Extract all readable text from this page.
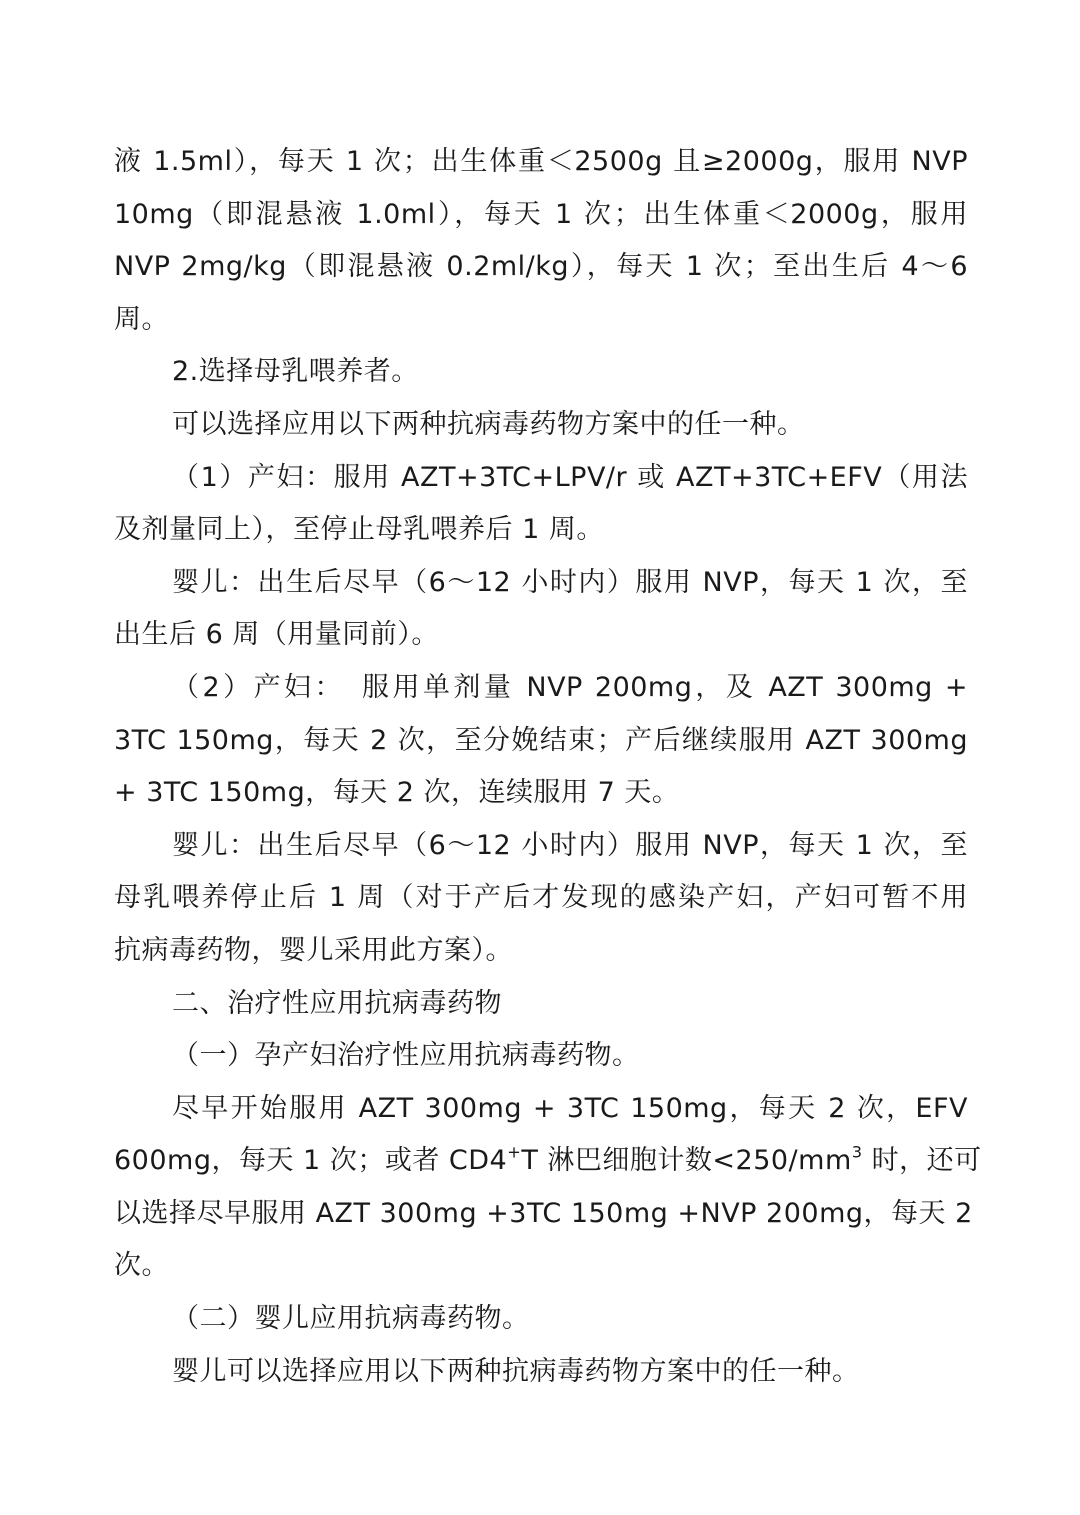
液 1.5ml），每天 1 次；出生体重＜2500g 且≥2000g，服用 NVP
10mg（即混悬液 1.0ml），每天 1 次；出生体重＜2000g，服用
NVP 2mg/kg（即混悬液 0.2ml/kg），每天 1 次；至出生后 4～6
周。
2.选择母乳喂养者。
可以选择应用以下两种抗病毒药物方案中的任一种。
（1）产妇：服用 AZT+3TC+LPV/r 或 AZT+3TC+EFV（用法
及剂量同上），至停止母乳喂养后 1 周。
婴儿：出生后尽早（6～12 小时内）服用 NVP，每天 1 次，至
出生后 6 周（用量同前）。
（2）产妇：　服用单剂量 NVP 200mg，及 AZT 300mg +
3TC 150mg，每天 2 次，至分娩结束；产后继续服用 AZT 300mg
+ 3TC 150mg，每天 2 次，连续服用 7 天。
婴儿：出生后尽早（6～12 小时内）服用 NVP，每天 1 次，至
母乳喂养停止后 1 周（对于产后才发现的感染产妇，产妇可暂不用
抗病毒药物，婴儿采用此方案）。
二、治疗性应用抗病毒药物
（一）孕产妇治疗性应用抗病毒药物。
尽早开始服用 AZT 300mg + 3TC 150mg，每天 2 次，EFV
600mg，每天 1 次；或者 CD4+T 淋巴细胞计数$<250/mm^3$ 时，还可
以选择尽早服用 AZT 300mg +3TC 150mg +NVP 200mg，每天 2
次。
（二）婴儿应用抗病毒药物。
婴儿可以选择应用以下两种抗病毒药物方案中的任一种。
